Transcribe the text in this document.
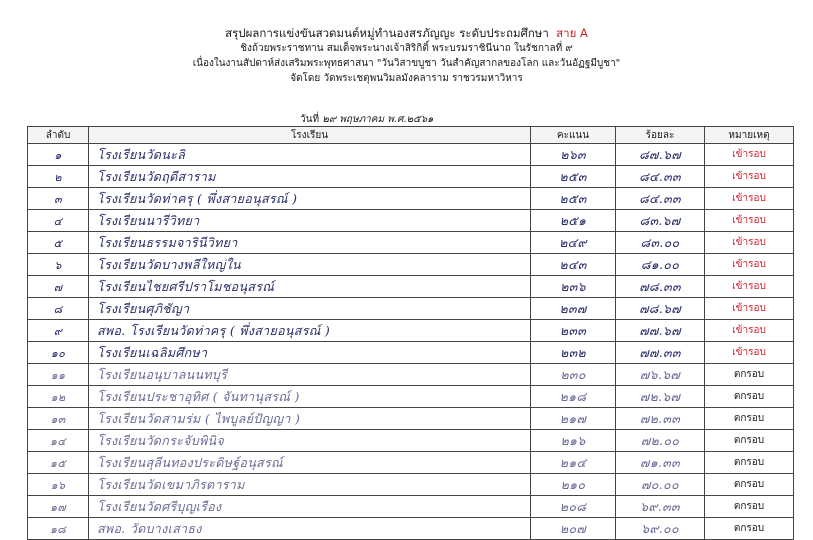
สรุปผลการแข่งขันสวดมนต์หมู่ทำนองสรภัญญะ ระดับประถมศึกษา สาย A
ชิงถ้วยพระราชทาน สมเด็จพระนางเจ้าสิริกิติ์ พระบรมราชินีนาถ ในรัชกาลที่ ๙
เนื่องในงานสัปดาห์ส่งเสริมพระพุทธศาสนา "วันวิสาขบูชา วันสำคัญสากลของโลก และวันอัฏฐมีบูชา"
จัดโดย วัดพระเชตุพนวิมลมังคลาราม ราชวรมหาวิหาร
วันที่ ๒๙ พฤษภาคม พ.ศ.๒๕๖๑
ลำดับ	โรงเรียน	คะแนน	ร้อยละ	หมายเหตุ
๑	โรงเรียนวัดนะลิ	๒๖๓	๘๗.๖๗	เข้ารอบ
๒	โรงเรียนวัดฤดีสาราม	๒๕๓	๘๔.๓๓	เข้ารอบ
๓	โรงเรียนวัดท่าครุ ( พึ่งสายอนุสรณ์ )	๒๕๓	๘๔.๓๓	เข้ารอบ
๔	โรงเรียนนารีวิทยา	๒๕๑	๘๓.๖๗	เข้ารอบ
๕	โรงเรียนธรรมจารินีวิทยา	๒๔๙	๘๓.๐๐	เข้ารอบ
๖	โรงเรียนวัดบางพลีใหญ่ใน	๒๔๓	๘๑.๐๐	เข้ารอบ
๗	โรงเรียนไชยศรีปราโมชอนุสรณ์	๒๓๖	๗๘.๓๓	เข้ารอบ
๘	โรงเรียนศุภิชัญา	๒๓๗	๗๘.๖๗	เข้ารอบ
๙	สพอ. โรงเรียนวัดท่าครุ ( พึ่งสายอนุสรณ์ )	๒๓๓	๗๗.๖๗	เข้ารอบ
๑๐	โรงเรียนเฉลิมศึกษา	๒๓๒	๗๗.๓๓	เข้ารอบ
๑๑	โรงเรียนอนุบาลนนทบุรี	๒๓๐	๗๖.๖๗	ตกรอบ
๑๒	โรงเรียนประชาอุทิศ ( จันทานุสรณ์ )	๒๑๘	๗๒.๖๗	ตกรอบ
๑๓	โรงเรียนวัดสามร่ม ( ไพบูลย์ปัญญา )	๒๑๗	๗๒.๓๓	ตกรอบ
๑๔	โรงเรียนวัดกระจับพินิจ	๒๑๖	๗๒.๐๐	ตกรอบ
๑๕	โรงเรียนสุลีนทองประดิษฐ์อนุสรณ์	๒๑๔	๗๑.๓๓	ตกรอบ
๑๖	โรงเรียนวัดเขมาภิรตาราม	๒๑๐	๗๐.๐๐	ตกรอบ
๑๗	โรงเรียนวัดศรีบุญเรือง	๒๐๘	๖๙.๓๓	ตกรอบ
๑๘	สพอ. วัดบางเสาธง	๒๐๗	๖๙.๐๐	ตกรอบ
